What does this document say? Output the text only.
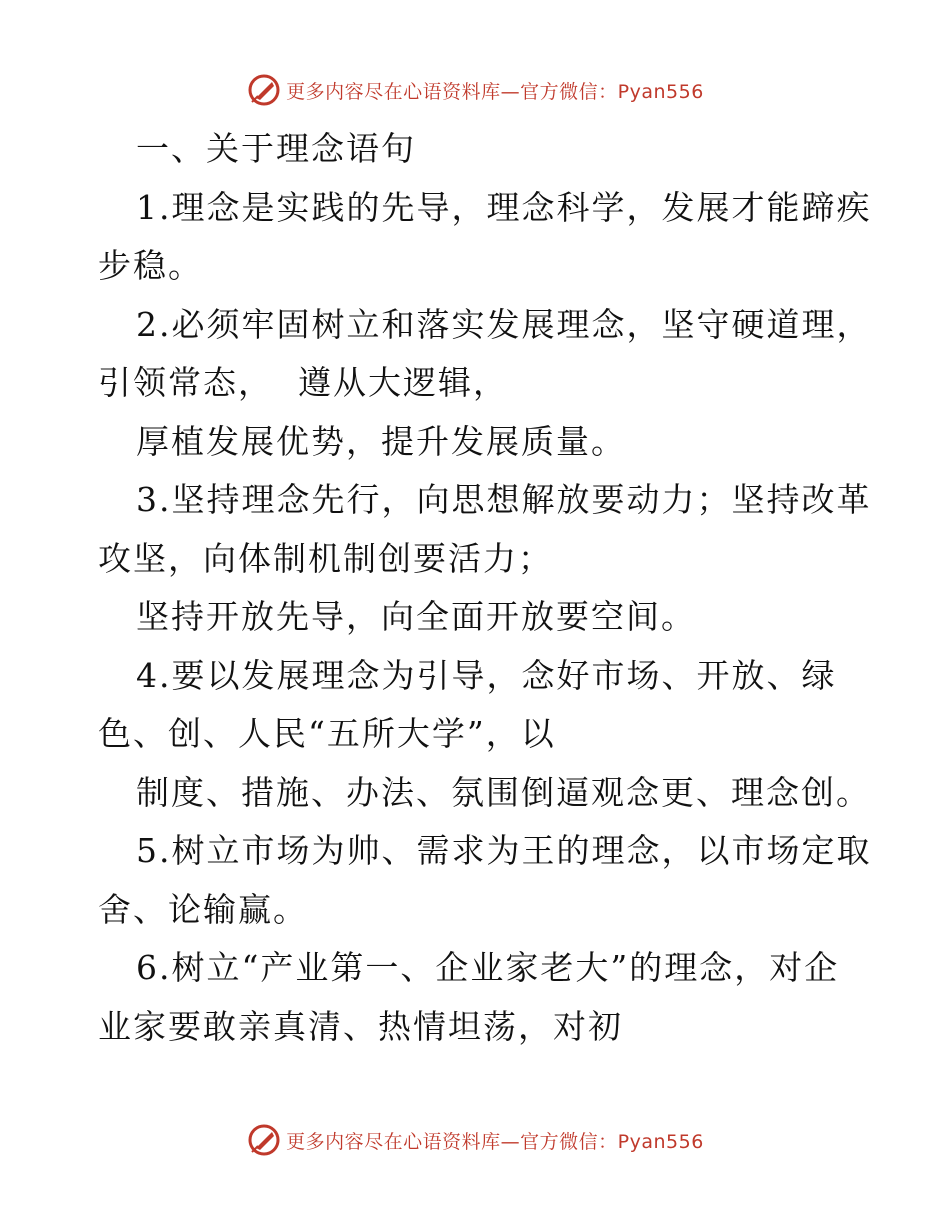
更多内容尽在心语资料库—官方微信：Pyan556
一、关于理念语句
1.理念是实践的先导，理念科学，发展才能蹄疾
步稳。
2.必须牢固树立和落实发展理念，坚守硬道理，
引领常态，  遵从大逻辑，
厚植发展优势，提升发展质量。
3.坚持理念先行，向思想解放要动力；坚持改革
攻坚，向体制机制创要活力；
坚持开放先导，向全面开放要空间。
4.要以发展理念为引导，念好市场、开放、绿
色、创、人民“五所大学”，以
制度、措施、办法、氛围倒逼观念更、理念创。
5.树立市场为帅、需求为王的理念，以市场定取
舍、论输赢。
6.树立“产业第一、企业家老大”的理念，对企
业家要敢亲真清、热情坦荡，对初
更多内容尽在心语资料库—官方微信：Pyan556
